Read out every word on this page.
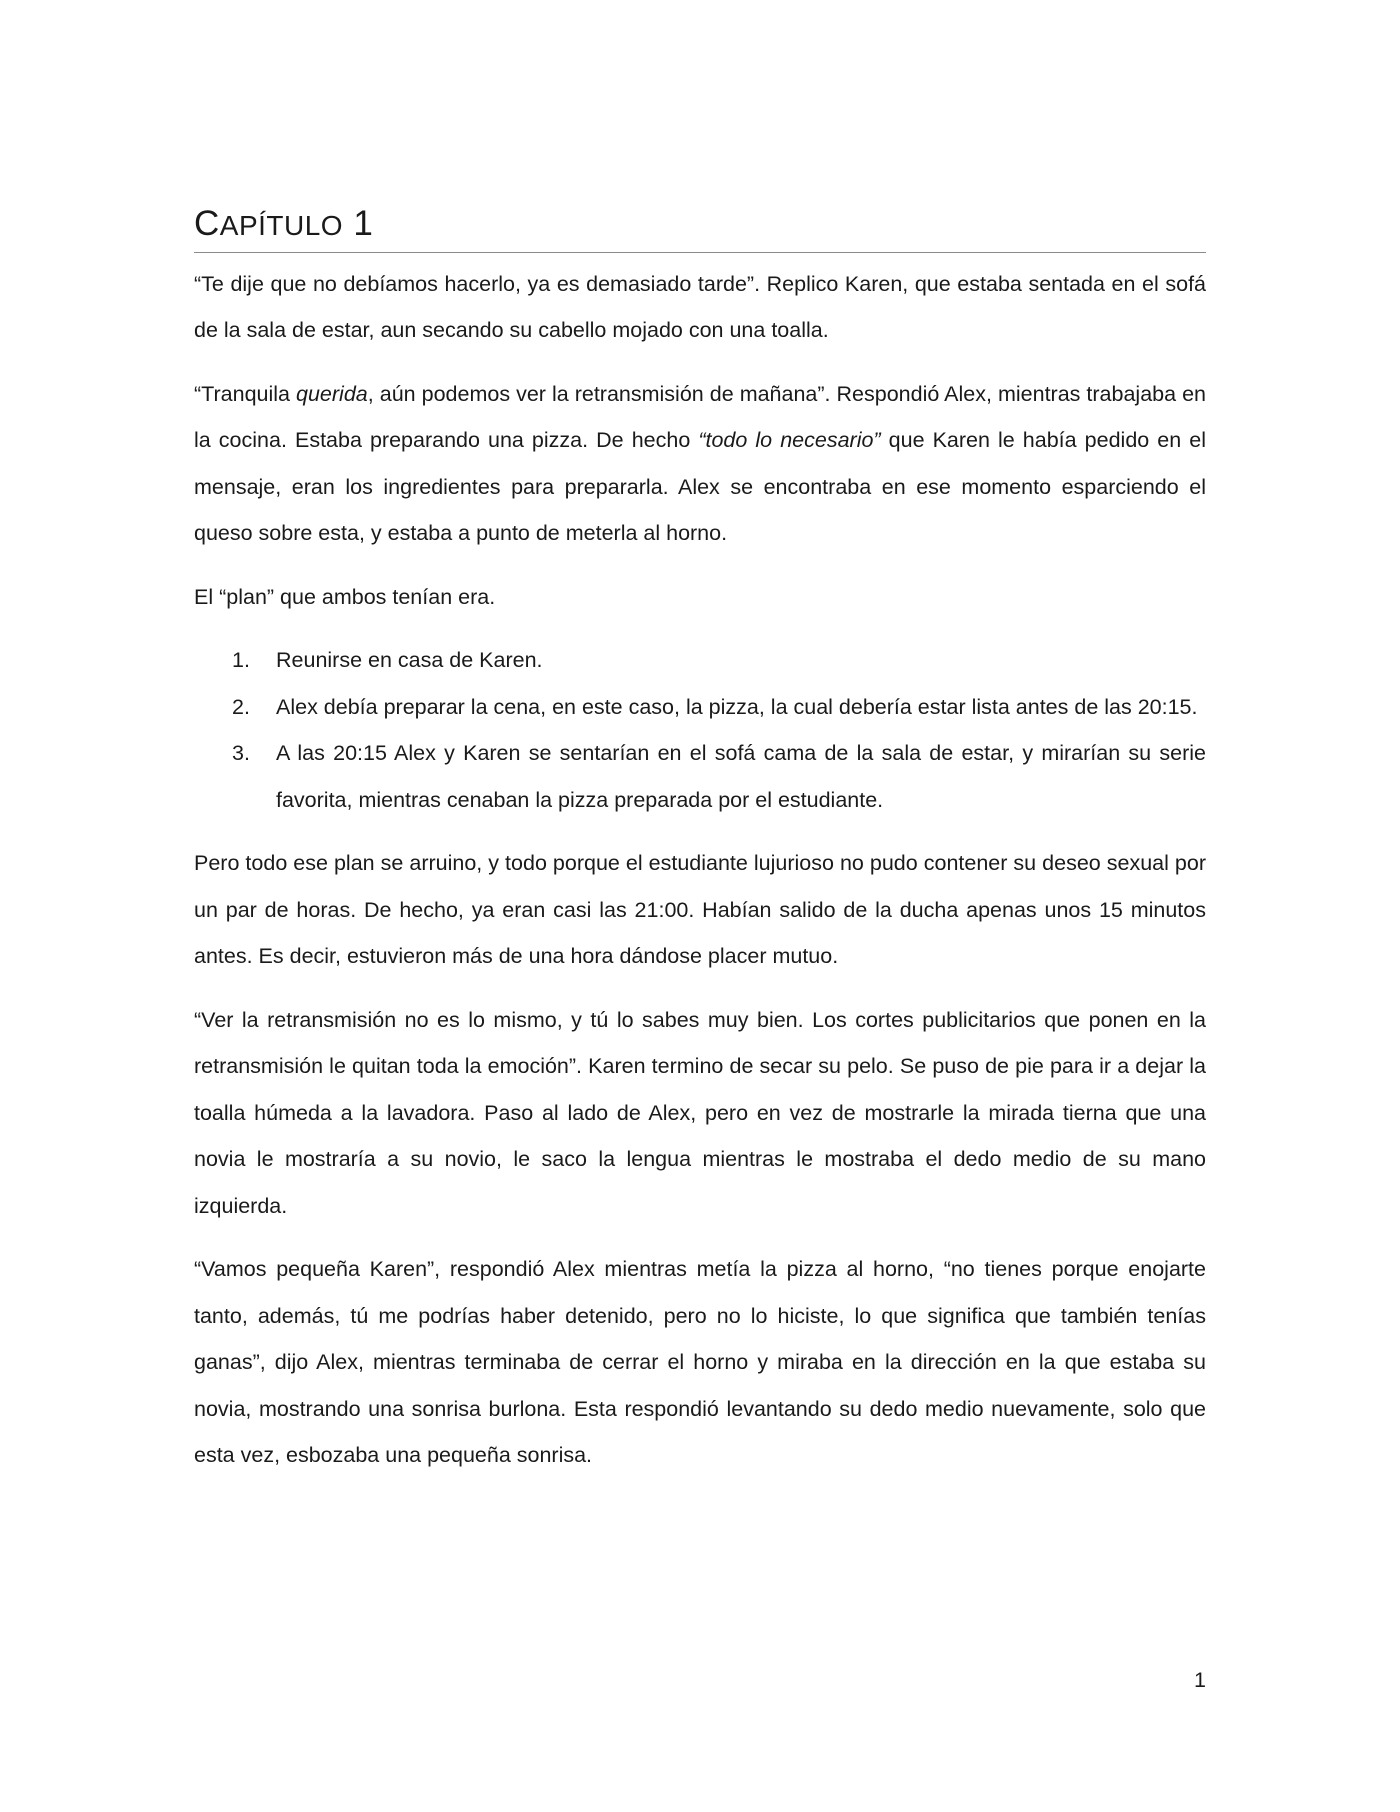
CAPÍTULO 1

“Te dije que no debíamos hacerlo, ya es demasiado tarde”. Replico Karen, que estaba sentada en el sofá de la sala de estar, aun secando su cabello mojado con una toalla.

“Tranquila querida, aún podemos ver la retransmisión de mañana”. Respondió Alex, mientras trabajaba en la cocina. Estaba preparando una pizza. De hecho “todo lo necesario” que Karen le había pedido en el mensaje, eran los ingredientes para prepararla. Alex se encontraba en ese momento esparciendo el queso sobre esta, y estaba a punto de meterla al horno.

El “plan” que ambos tenían era.

1.	Reunirse en casa de Karen.
2.	Alex debía preparar la cena, en este caso, la pizza, la cual debería estar lista antes de las 20:15.
3.	A las 20:15 Alex y Karen se sentarían en el sofá cama de la sala de estar, y mirarían su serie favorita, mientras cenaban la pizza preparada por el estudiante.

Pero todo ese plan se arruino, y todo porque el estudiante lujurioso no pudo contener su deseo sexual por un par de horas. De hecho, ya eran casi las 21:00. Habían salido de la ducha apenas unos 15 minutos antes. Es decir, estuvieron más de una hora dándose placer mutuo.

“Ver la retransmisión no es lo mismo, y tú lo sabes muy bien. Los cortes publicitarios que ponen en la retransmisión le quitan toda la emoción”. Karen termino de secar su pelo. Se puso de pie para ir a dejar la toalla húmeda a la lavadora. Paso al lado de Alex, pero en vez de mostrarle la mirada tierna que una novia le mostraría a su novio, le saco la lengua mientras le mostraba el dedo medio de su mano izquierda.

“Vamos pequeña Karen”, respondió Alex mientras metía la pizza al horno, “no tienes porque enojarte tanto, además, tú me podrías haber detenido, pero no lo hiciste, lo que significa que también tenías ganas”, dijo Alex, mientras terminaba de cerrar el horno y miraba en la dirección en la que estaba su novia, mostrando una sonrisa burlona. Esta respondió levantando su dedo medio nuevamente, solo que esta vez, esbozaba una pequeña sonrisa.

1
